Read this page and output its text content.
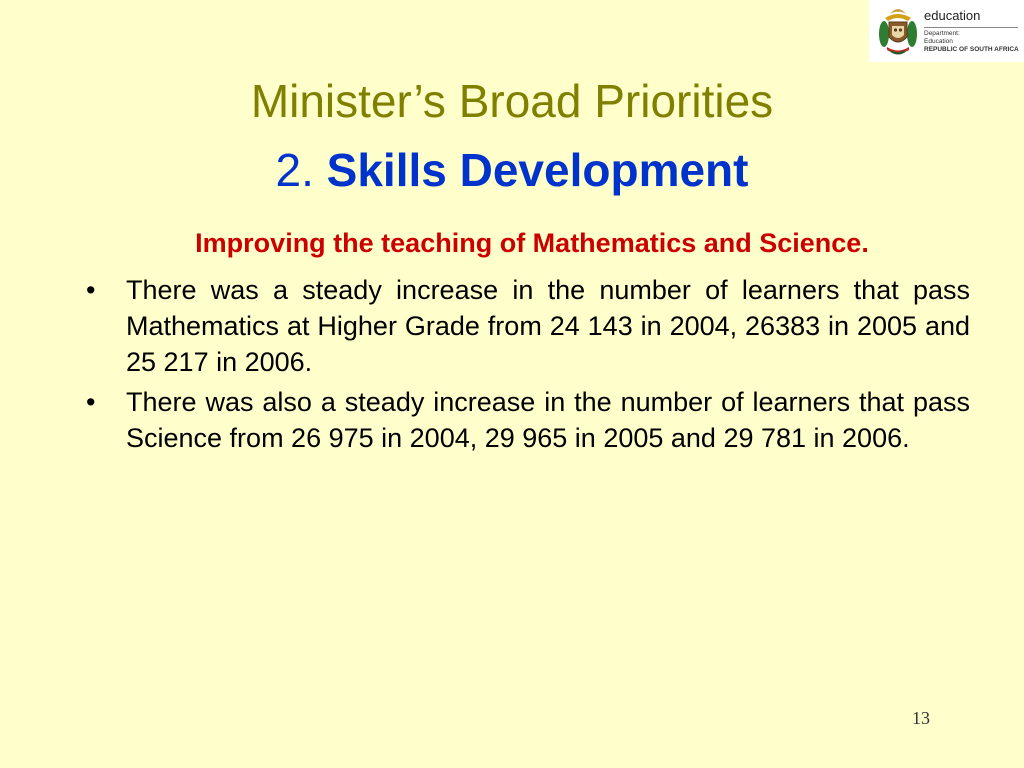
education
Department:
Education
REPUBLIC OF SOUTH AFRICA
Minister’s Broad Priorities
2. Skills Development
Improving the teaching of Mathematics and Science.
• There was a steady increase in the number of learners that pass Mathematics at Higher Grade from 24 143 in 2004, 26383 in 2005 and 25 217 in 2006.
• There was also a steady increase in the number of learners that pass Science from 26 975 in 2004, 29 965 in 2005 and 29 781 in 2006.
13
